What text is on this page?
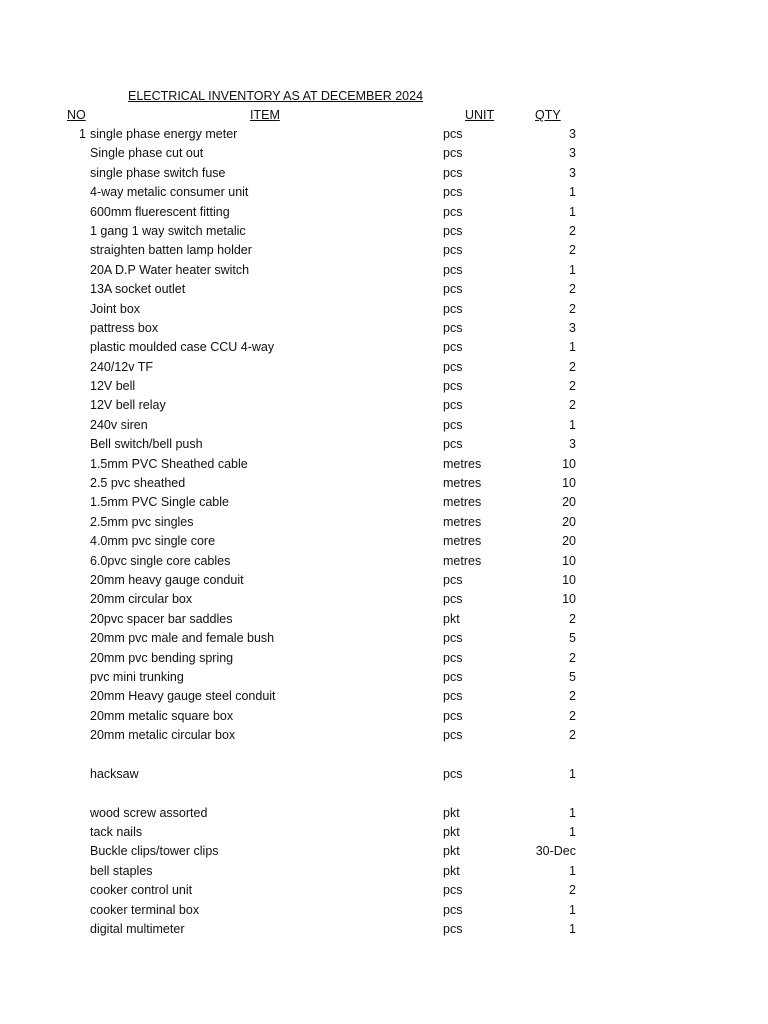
ELECTRICAL INVENTORY AS AT DECEMBER 2024
NO	ITEM	UNIT	QTY
1 single phase energy meter	pcs	3
Single phase cut out	pcs	3
single phase switch fuse	pcs	3
4-way metalic consumer unit	pcs	1
600mm fluerescent fitting	pcs	1
1 gang 1 way switch metalic	pcs	2
straighten batten lamp holder	pcs	2
20A D.P Water heater switch	pcs	1
13A socket outlet	pcs	2
Joint box	pcs	2
pattress box	pcs	3
plastic moulded case CCU 4-way	pcs	1
240/12v TF	pcs	2
12V bell	pcs	2
12V bell relay	pcs	2
240v siren	pcs	1
Bell switch/bell push	pcs	3
1.5mm PVC Sheathed cable	metres	10
2.5 pvc sheathed	metres	10
1.5mm PVC Single cable	metres	20
2.5mm pvc singles	metres	20
4.0mm pvc single core	metres	20
6.0pvc single core cables	metres	10
20mm heavy gauge conduit	pcs	10
20mm circular box	pcs	10
20pvc spacer bar saddles	pkt	2
20mm pvc male and female bush	pcs	5
20mm pvc bending spring	pcs	2
pvc mini trunking	pcs	5
20mm Heavy gauge steel conduit	pcs	2
20mm metalic square box	pcs	2
20mm metalic circular box	pcs	2
hacksaw	pcs	1
wood screw assorted	pkt	1
tack nails	pkt	1
Buckle clips/tower clips	pkt	30-Dec
bell staples	pkt	1
cooker control unit	pcs	2
cooker terminal box	pcs	1
digital multimeter	pcs	1
